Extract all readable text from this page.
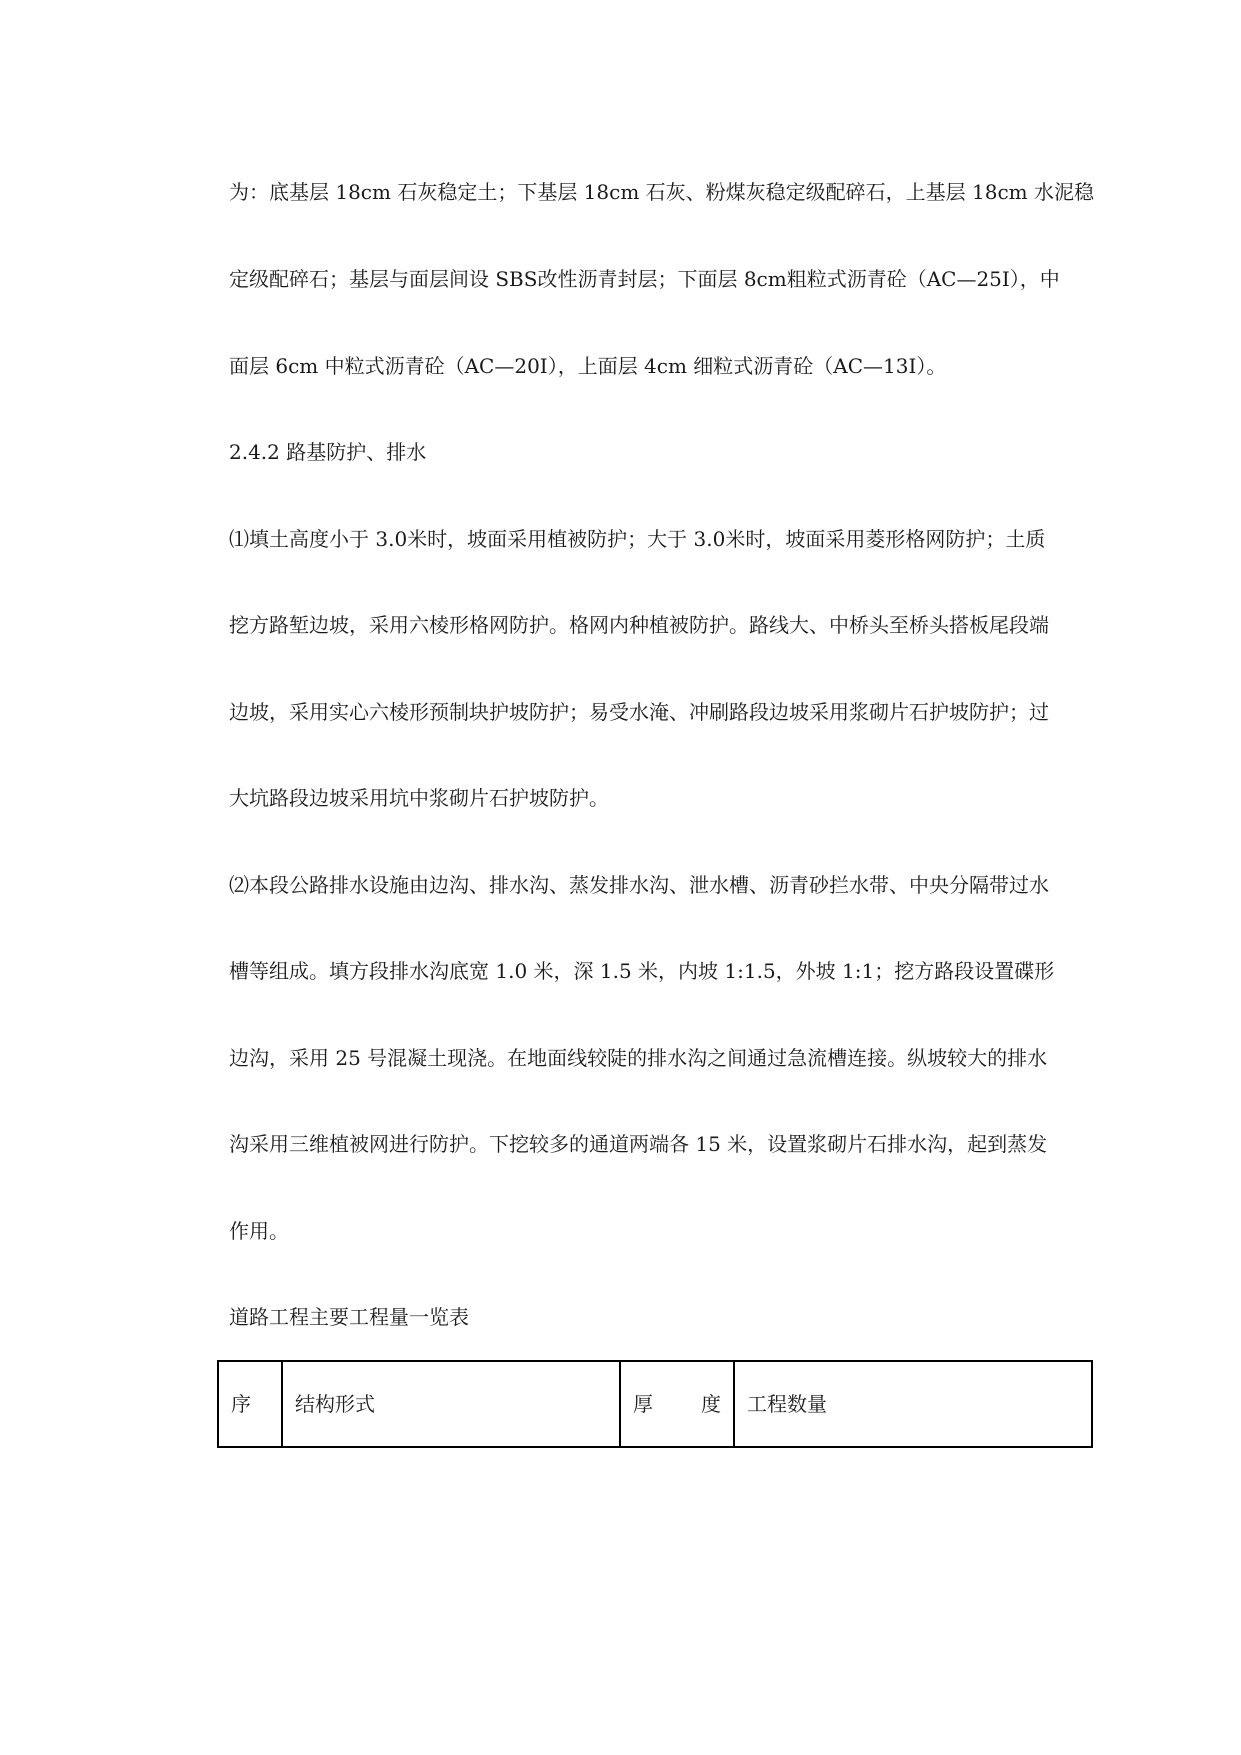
为：底基层 18cm 石灰稳定土；下基层 18cm 石灰、粉煤灰稳定级配碎石，上基层 18cm 水泥稳
定级配碎石；基层与面层间设 SBS改性沥青封层；下面层 8cm粗粒式沥青砼（AC—25Ⅰ），中
面层 6cm 中粒式沥青砼（AC—20Ⅰ），上面层 4cm 细粒式沥青砼（AC—13Ⅰ）。
2.4.2 路基防护、排水
⑴填土高度小于 3.0米时，坡面采用植被防护；大于 3.0米时，坡面采用菱形格网防护；土质
挖方路堑边坡，采用六棱形格网防护。格网内种植被防护。路线大、中桥头至桥头搭板尾段端
边坡，采用实心六棱形预制块护坡防护；易受水淹、冲刷路段边坡采用浆砌片石护坡防护；过
大坑路段边坡采用坑中浆砌片石护坡防护。
⑵本段公路排水设施由边沟、排水沟、蒸发排水沟、泄水槽、沥青砂拦水带、中央分隔带过水
槽等组成。填方段排水沟底宽 1.0 米，深 1.5 米，内坡 1:1.5，外坡 1:1；挖方路段设置碟形
边沟，采用 25 号混凝土现浇。在地面线较陡的排水沟之间通过急流槽连接。纵坡较大的排水
沟采用三维植被网进行防护。下挖较多的通道两端各 15 米，设置浆砌片石排水沟，起到蒸发
作用。
道路工程主要工程量一览表
序	结构形式	厚 度	工程数量
